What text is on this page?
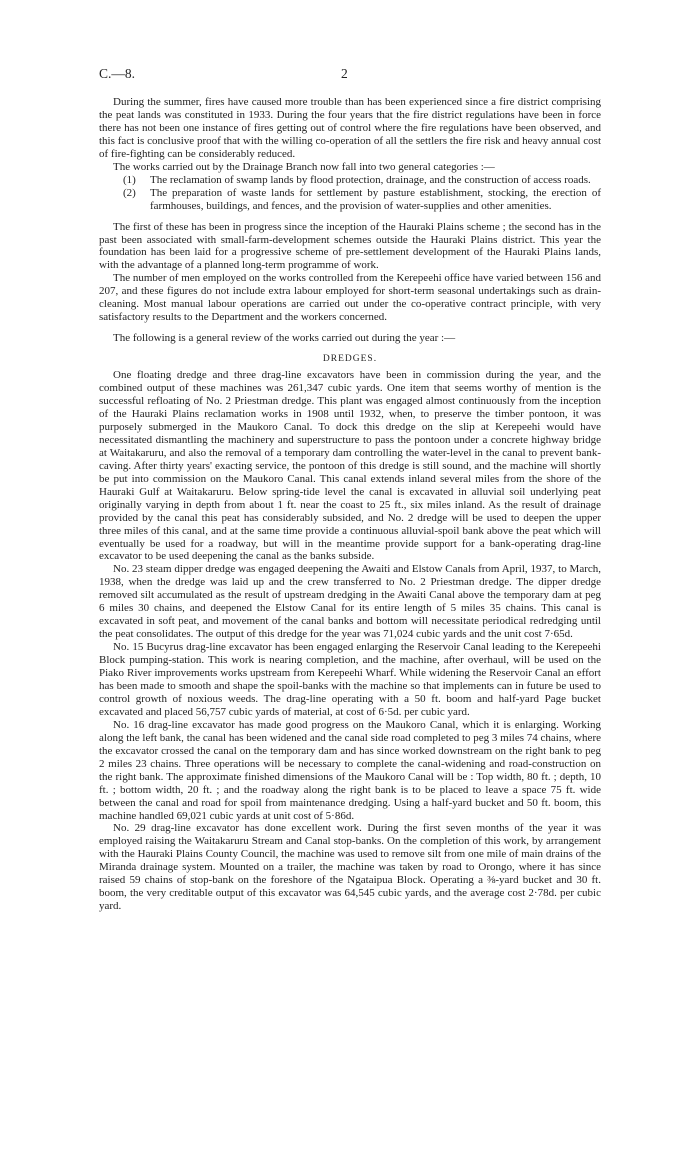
C.—8.	2

During the summer, fires have caused more trouble than has been experienced since a fire district comprising the peat lands was constituted in 1933. During the four years that the fire district regulations have been in force there has not been one instance of fires getting out of control where the fire regulations have been observed, and this fact is conclusive proof that with the willing co-operation of all the settlers the fire risk and heavy annual cost of fire-fighting can be considerably reduced.

The works carried out by the Drainage Branch now fall into two general categories :—

(1) The reclamation of swamp lands by flood protection, drainage, and the construction of access roads.
(2) The preparation of waste lands for settlement by pasture establishment, stocking, the erection of farmhouses, buildings, and fences, and the provision of water-supplies and other amenities.

The first of these has been in progress since the inception of the Hauraki Plains scheme ; the second has in the past been associated with small-farm-development schemes outside the Hauraki Plains district. This year the foundation has been laid for a progressive scheme of pre-settlement development of the Hauraki Plains lands, with the advantage of a planned long-term programme of work.

The number of men employed on the works controlled from the Kerepeehi office have varied between 156 and 207, and these figures do not include extra labour employed for short-term seasonal undertakings such as drain-cleaning. Most manual labour operations are carried out under the co-operative contract principle, with very satisfactory results to the Department and the workers concerned.

The following is a general review of the works carried out during the year :—

DREDGES.

One floating dredge and three drag-line excavators have been in commission during the year, and the combined output of these machines was 261,347 cubic yards. One item that seems worthy of mention is the successful refloating of No. 2 Priestman dredge. This plant was engaged almost continuously from the inception of the Hauraki Plains reclamation works in 1908 until 1932, when, to preserve the timber pontoon, it was purposely submerged in the Maukoro Canal. To dock this dredge on the slip at Kerepeehi would have necessitated dismantling the machinery and superstructure to pass the pontoon under a concrete highway bridge at Waitakaruru, and also the removal of a temporary dam controlling the water-level in the canal to prevent bank-caving. After thirty years' exacting service, the pontoon of this dredge is still sound, and the machine will shortly be put into commission on the Maukoro Canal. This canal extends inland several miles from the shore of the Hauraki Gulf at Waitakaruru. Below spring-tide level the canal is excavated in alluvial soil underlying peat originally varying in depth from about 1 ft. near the coast to 25 ft., six miles inland. As the result of drainage provided by the canal this peat has considerably subsided, and No. 2 dredge will be used to deepen the upper three miles of this canal, and at the same time provide a continuous alluvial-spoil bank above the peat which will eventually be used for a roadway, but will in the meantime provide support for a bank-operating drag-line excavator to be used deepening the canal as the banks subside.

No. 23 steam dipper dredge was engaged deepening the Awaiti and Elstow Canals from April, 1937, to March, 1938, when the dredge was laid up and the crew transferred to No. 2 Priestman dredge. The dipper dredge removed silt accumulated as the result of upstream dredging in the Awaiti Canal above the temporary dam at peg 6 miles 30 chains, and deepened the Elstow Canal for its entire length of 5 miles 35 chains. This canal is excavated in soft peat, and movement of the canal banks and bottom will necessitate periodical redredging until the peat consolidates. The output of this dredge for the year was 71,024 cubic yards and the unit cost 7·65d.

No. 15 Bucyrus drag-line excavator has been engaged enlarging the Reservoir Canal leading to the Kerepeehi Block pumping-station. This work is nearing completion, and the machine, after overhaul, will be used on the Piako River improvements works upstream from Kerepeehi Wharf. While widening the Reservoir Canal an effort has been made to smooth and shape the spoil-banks with the machine so that implements can in future be used to control growth of noxious weeds. The drag-line operating with a 50 ft. boom and half-yard Page bucket excavated and placed 56,757 cubic yards of material, at cost of 6·5d. per cubic yard.

No. 16 drag-line excavator has made good progress on the Maukoro Canal, which it is enlarging. Working along the left bank, the canal has been widened and the canal side road completed to peg 3 miles 74 chains, where the excavator crossed the canal on the temporary dam and has since worked downstream on the right bank to peg 2 miles 23 chains. Three operations will be necessary to complete the canal-widening and road-construction on the right bank. The approximate finished dimensions of the Maukoro Canal will be : Top width, 80 ft. ; depth, 10 ft. ; bottom width, 20 ft. ; and the roadway along the right bank is to be placed to leave a space 75 ft. wide between the canal and road for spoil from maintenance dredging. Using a half-yard bucket and 50 ft. boom, this machine handled 69,021 cubic yards at unit cost of 5·86d.

No. 29 drag-line excavator has done excellent work. During the first seven months of the year it was employed raising the Waitakaruru Stream and Canal stop-banks. On the completion of this work, by arrangement with the Hauraki Plains County Council, the machine was used to remove silt from one mile of main drains of the Miranda drainage system. Mounted on a trailer, the machine was taken by road to Orongo, where it has since raised 59 chains of stop-bank on the foreshore of the Ngataipua Block. Operating a ⅜-yard bucket and 30 ft. boom, the very creditable output of this excavator was 64,545 cubic yards, and the average cost 2·78d. per cubic yard.
